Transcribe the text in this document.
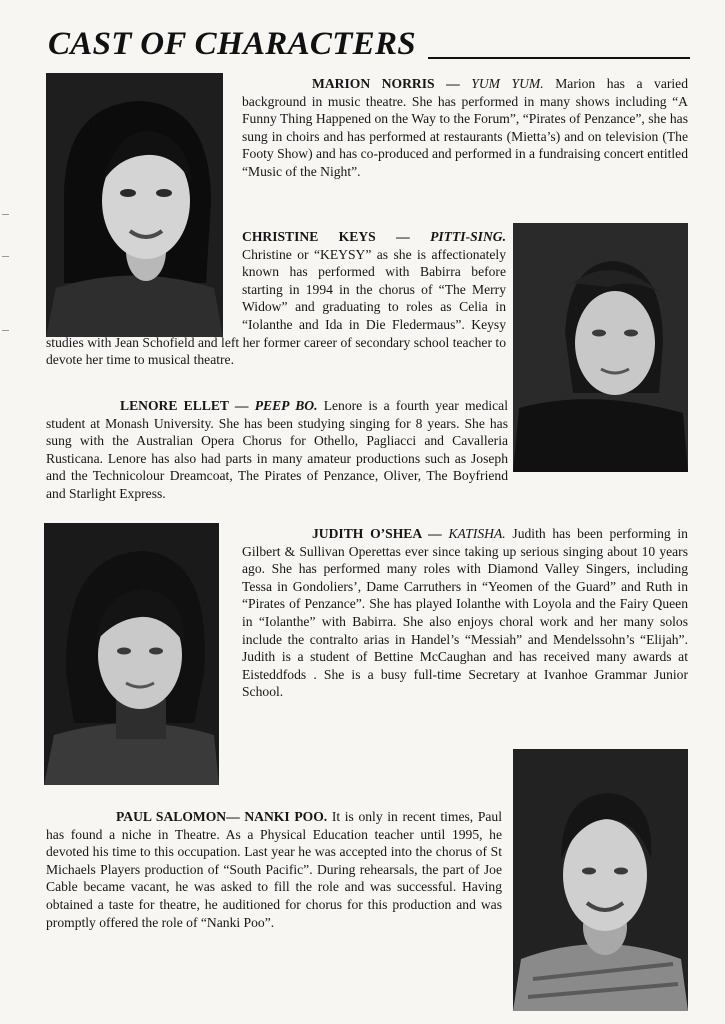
CAST OF CHARACTERS

MARION NORRIS — YUM YUM. Marion has a varied background in music theatre. She has performed in many shows including “A Funny Thing Happened on the Way to the Forum”, “Pirates of Penzance”, she has sung in choirs and has performed at restaurants (Mietta’s) and on television (The Footy Show) and has co-produced and performed in a fundraising concert entitled “Music of the Night”.

CHRISTINE KEYS — PITTI-SING. Christine or “KEYSY” as she is affectionately known has performed with Babirra before starting in 1994 in the chorus of “The Merry Widow” and graduating to roles as Celia in “Iolanthe and Ida in Die Fledermaus”. Keysy studies with Jean Schofield and left her former career of secondary school teacher to devote her time to musical theatre.

LENORE ELLET — PEEP BO. Lenore is a fourth year medical student at Monash University. She has been studying singing for 8 years. She has sung with the Australian Opera Chorus for Othello, Pagliacci and Cavalleria Rusticana. Lenore has also had parts in many amateur productions such as Joseph and the Technicolour Dreamcoat, The Pirates of Penzance, Oliver, The Boyfriend and Starlight Express.

JUDITH O’SHEA — KATISHA. Judith has been performing in Gilbert & Sullivan Operettas ever since taking up serious singing about 10 years ago. She has performed many roles with Diamond Valley Singers, including Tessa in Gondoliers’, Dame Carruthers in “Yeomen of the Guard” and Ruth in “Pirates of Penzance”. She has played Iolanthe with Loyola and the Fairy Queen in “Iolanthe” with Babirra. She also enjoys choral work and her many solos include the contralto arias in Handel’s “Messiah” and Mendelssohn’s “Elijah”. Judith is a student of Bettine McCaughan and has received many awards at Eisteddfods . She is a busy full-time Secretary at Ivanhoe Grammar Junior School.

PAUL SALOMON— NANKI POO. It is only in recent times, Paul has found a niche in Theatre. As a Physical Education teacher until 1995, he devoted his time to this occupation. Last year he was accepted into the chorus of St Michaels Players production of “South Pacific”. During rehearsals, the part of Joe Cable became vacant, he was asked to fill the role and was successful. Having obtained a taste for theatre, he auditioned for chorus for this production and was promptly offered the role of “Nanki Poo”.
